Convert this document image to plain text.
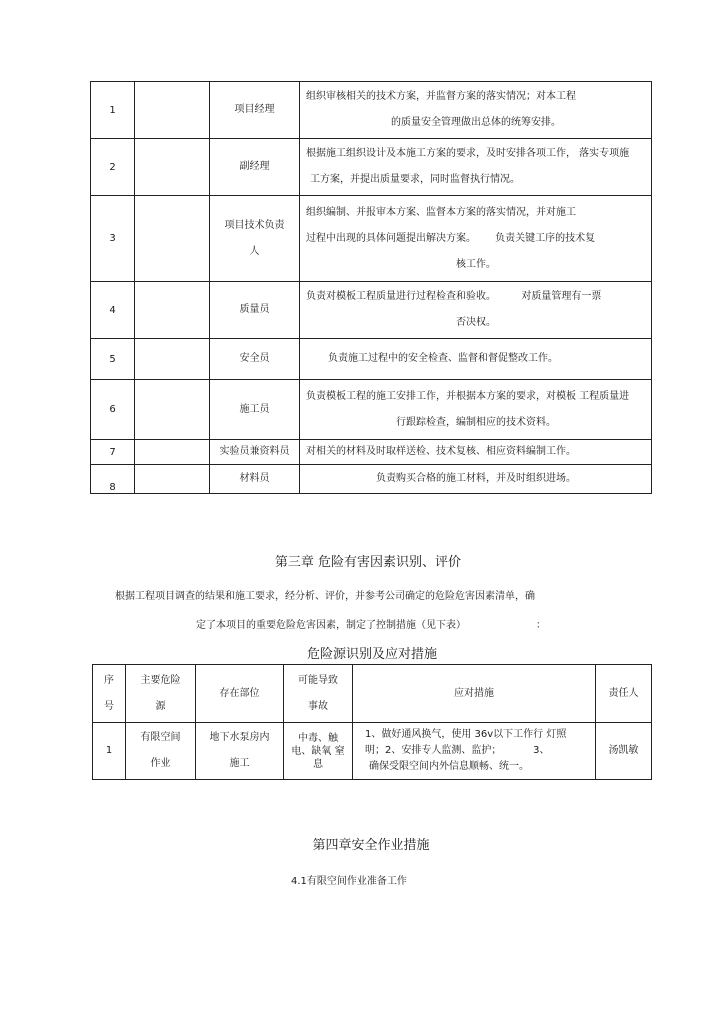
1		项目经理	组织审核相关的技术方案，并监督方案的落实情况；对本工程
的质量安全管理做出总体的统筹安排。

2		副经理	根据施工组织设计及本施工方案的要求，及时安排各项工作， 落实专项施
工方案，并提出质量要求，同时监督执行情况。
3		项目技术负责
人	组织编制、并报审本方案、监督本方案的落实情况，并对施工
过程中出现的具体问题提出解决方案。      负责关键工序的技术复
核工作。

4		质量员	负责对模板工程质量进行过程检查和验收。        对质量管理有一票
否决权。

5		安全员	负责施工过程中的安全检查、监督和督促整改工作。
6		施工员	负责模板工程的施工安排工作，并根据本方案的要求，对模板 工程质量进
行跟踪检查，编制相应的技术资料。

7		实验员兼资料员	对相关的材料及时取样送检、技术复核、相应资料编制工作。
8		材料员	负责购买合格的施工材料，并及时组织进场。
第三章 危险有害因素识别、评价
根据工程项目调查的结果和施工要求，经分析、评价，并参考公司确定的危险危害因素清单，确
定了本项目的重要危险危害因素，制定了控制措施（见下表）	：
危险源识别及应对措施
序
号	主要危险
源	存在部位	可能导致
事故	应对措施	责任人
1	有限空间
作业	地下水泵房内
施工	中毒、触
电、缺氧 窒
息	1、做好通风换气，使用 36v以下工作行 灯照
明；2、安排专人监测、监护；          3、
确保受限空间内外信息顺畅、统一。	汤凯敏
第四章安全作业措施
4.1有限空间作业准备工作
